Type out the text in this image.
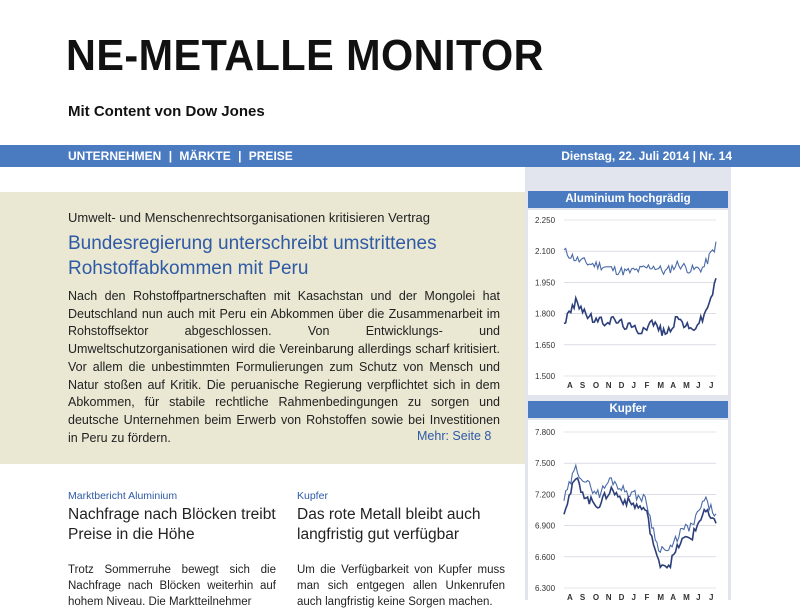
NE-METALLE MONITOR
Mit Content von Dow Jones
UNTERNEHMEN | MÄRKTE | PREISE	Dienstag, 22. Juli 2014 | Nr. 14
Umwelt- und Menschenrechtsorganisationen kritisieren Vertrag
Bundesregierung unterschreibt umstrittenes
Rohstoffabkommen mit Peru
Nach den Rohstoffpartnerschaften mit Kasachstan und der Mongolei hat Deutschland nun auch mit Peru ein Abkommen über die Zusammenarbeit im Rohstoffsektor abgeschlossen. Von Entwicklungs- und Umweltschutzorganisationen wird die Vereinbarung allerdings scharf kritisiert. Vor allem die unbestimmten Formulierungen zum Schutz von Mensch und Natur stoßen auf Kritik. Die peruanische Regierung verpflichtet sich in dem Abkommen, für stabile rechtliche Rahmenbedingungen zu sorgen und deutsche Unternehmen beim Erwerb von Rohstoffen sowie bei Investitionen in Peru zu fördern.	Mehr: Seite 8
Marktbericht Aluminium
Nachfrage nach Blöcken treibt Preise in die Höhe
Trotz Sommerruhe bewegt sich die Nachfrage nach Blöcken weiterhin auf hohem Niveau. Die Marktteilnehmer
Kupfer
Das rote Metall bleibt auch langfristig gut verfügbar
Um die Verfügbarkeit von Kupfer muss man sich entgegen allen Unkenrufen auch langfristig keine Sorgen machen.
Aluminium hochgrädig
2.250
2.100
1.950
1.800
1.650
1.500
A S O N D J F M A M J J
Kupfer
7.800
7.500
7.200
6.900
6.600
6.300
A S O N D J F M A M J J
